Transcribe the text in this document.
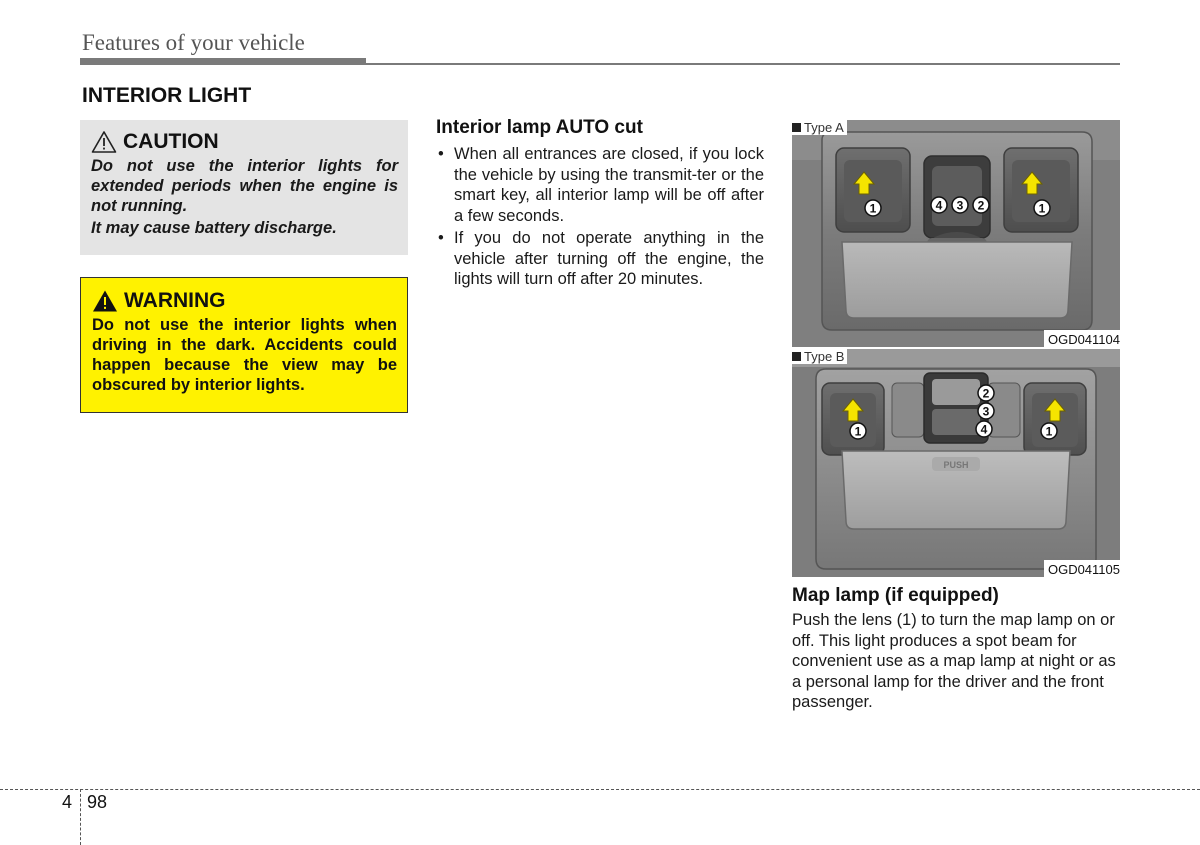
Features of your vehicle
INTERIOR LIGHT
CAUTION

Do not use the interior lights for extended periods when the engine is not running.

It may cause battery discharge.

WARNING

Do not use the interior lights when driving in the dark. Accidents could happen because the view may be obscured by interior lights.

Interior lamp AUTO cut
• When all entrances are closed, if you lock the vehicle by using the transmit-ter or the smart key, all interior lamp will be off after a few seconds.
• If you do not operate anything in the vehicle after turning off the engine, the lights will turn off after 20 minutes.
Type A
1	1
4 3 2
OGD041104
Type B
PUSH
1	1
2
3
4
OGD041105
Map lamp (if equipped)

Push the lens (1) to turn the map lamp on or off. This light produces a spot beam for convenient use as a map lamp at night or as a personal lamp for the driver and the front passenger.

4 98
